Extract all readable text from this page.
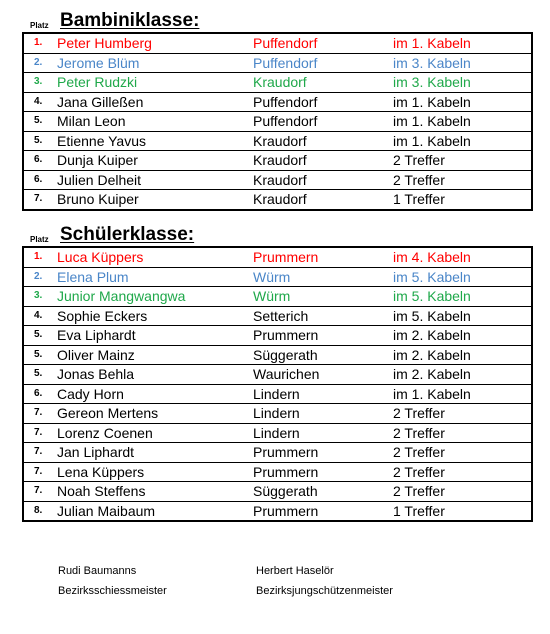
Platz Bambiniklasse:
1.	Peter Humberg	Puffendorf	im 1. Kabeln
2.	Jerome Blüm	Puffendorf	im 3. Kabeln
3.	Peter Rudzki	Kraudorf	im 3. Kabeln
4.	Jana Gilleßen	Puffendorf	im 1. Kabeln
5.	Milan Leon	Puffendorf	im 1. Kabeln
5.	Etienne Yavus	Kraudorf	im 1. Kabeln
6.	Dunja Kuiper	Kraudorf	2 Treffer
6.	Julien Delheit	Kraudorf	2 Treffer
7.	Bruno Kuiper	Kraudorf	1 Treffer
Platz Schülerklasse:
1.	Luca Küppers	Prummern	im 4. Kabeln
2.	Elena Plum	Würm	im 5. Kabeln
3.	Junior Mangwangwa	Würm	im 5. Kabeln
4.	Sophie Eckers	Setterich	im 5. Kabeln
5.	Eva Liphardt	Prummern	im 2. Kabeln
5.	Oliver Mainz	Süggerath	im 2. Kabeln
5.	Jonas Behla	Waurichen	im 2. Kabeln
6.	Cady Horn	Lindern	im 1. Kabeln
7.	Gereon Mertens	Lindern	2 Treffer
7.	Lorenz Coenen	Lindern	2 Treffer
7.	Jan Liphardt	Prummern	2 Treffer
7.	Lena Küppers	Prummern	2 Treffer
7.	Noah Steffens	Süggerath	2 Treffer
8.	Julian Maibaum	Prummern	1 Treffer
Rudi Baumanns
Bezirksschiessmeister
Herbert Haselör
Bezirksjungschützenmeister
